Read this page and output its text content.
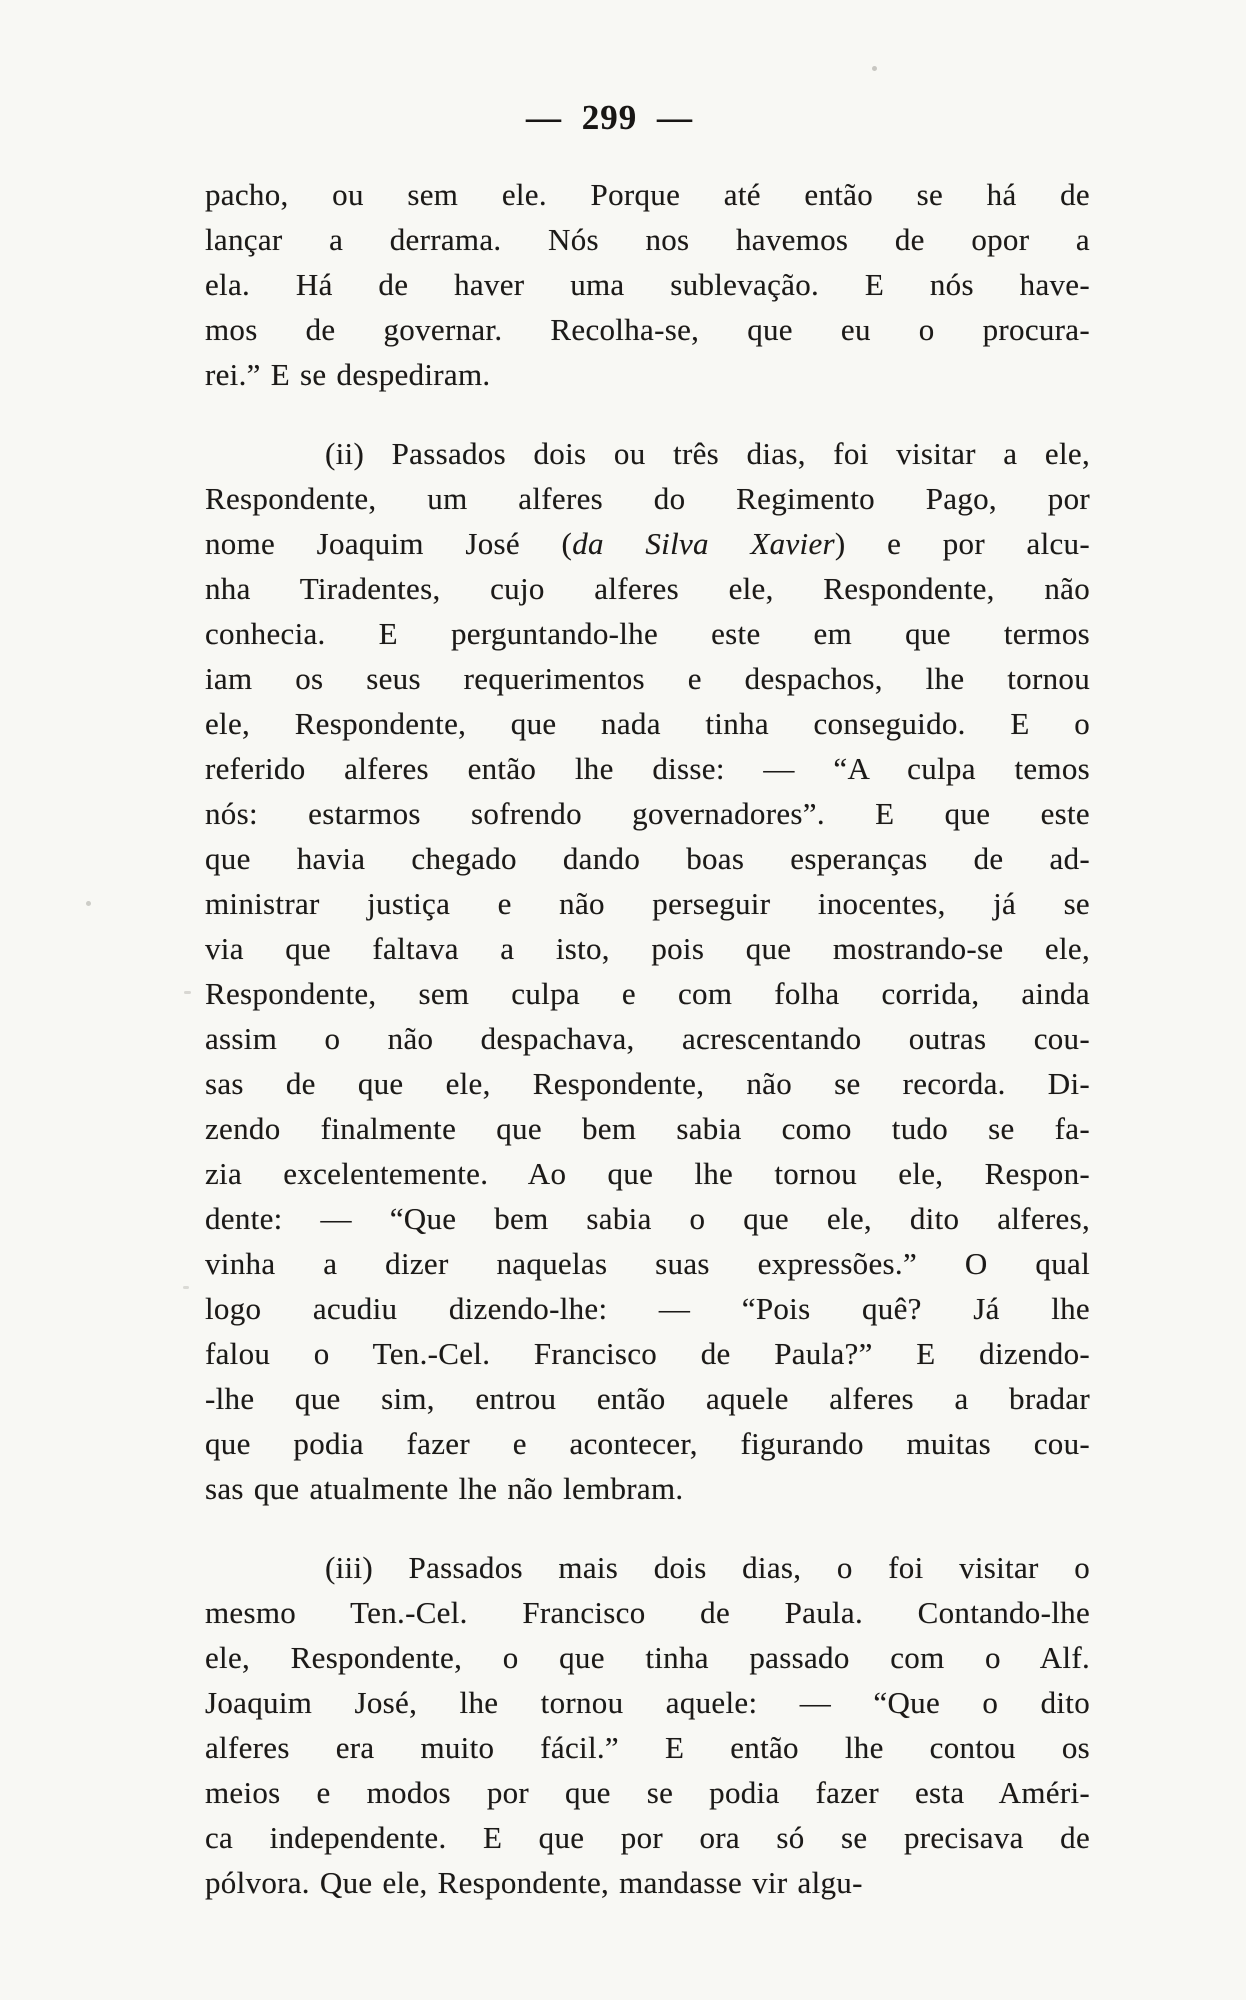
— 299 —
pacho, ou sem ele. Porque até então se há de
lançar a derrama. Nós nos havemos de opor a
ela. Há de haver uma sublevação. E nós have-
mos de governar. Recolha-se, que eu o procura-
rei.” E se despediram.
(ii) Passados dois ou três dias, foi visitar a ele,
Respondente, um alferes do Regimento Pago, por
nome Joaquim José (da Silva Xavier) e por alcu-
nha Tiradentes, cujo alferes ele, Respondente, não
conhecia. E perguntando-lhe este em que termos
iam os seus requerimentos e despachos, lhe tornou
ele, Respondente, que nada tinha conseguido. E o
referido alferes então lhe disse: — “A culpa temos
nós: estarmos sofrendo governadores”. E que este
que havia chegado dando boas esperanças de ad-
ministrar justiça e não perseguir inocentes, já se
via que faltava a isto, pois que mostrando-se ele,
Respondente, sem culpa e com folha corrida, ainda
assim o não despachava, acrescentando outras cou-
sas de que ele, Respondente, não se recorda. Di-
zendo finalmente que bem sabia como tudo se fa-
zia excelentemente. Ao que lhe tornou ele, Respon-
dente: — “Que bem sabia o que ele, dito alferes,
vinha a dizer naquelas suas expressões.” O qual
logo acudiu dizendo-lhe: — “Pois quê? Já lhe
falou o Ten.-Cel. Francisco de Paula?” E dizendo-
-lhe que sim, entrou então aquele alferes a bradar
que podia fazer e acontecer, figurando muitas cou-
sas que atualmente lhe não lembram.
(iii) Passados mais dois dias, o foi visitar o
mesmo Ten.-Cel. Francisco de Paula. Contando-lhe
ele, Respondente, o que tinha passado com o Alf.
Joaquim José, lhe tornou aquele: — “Que o dito
alferes era muito fácil.” E então lhe contou os
meios e modos por que se podia fazer esta Améri-
ca independente. E que por ora só se precisava de
pólvora. Que ele, Respondente, mandasse vir algu-
